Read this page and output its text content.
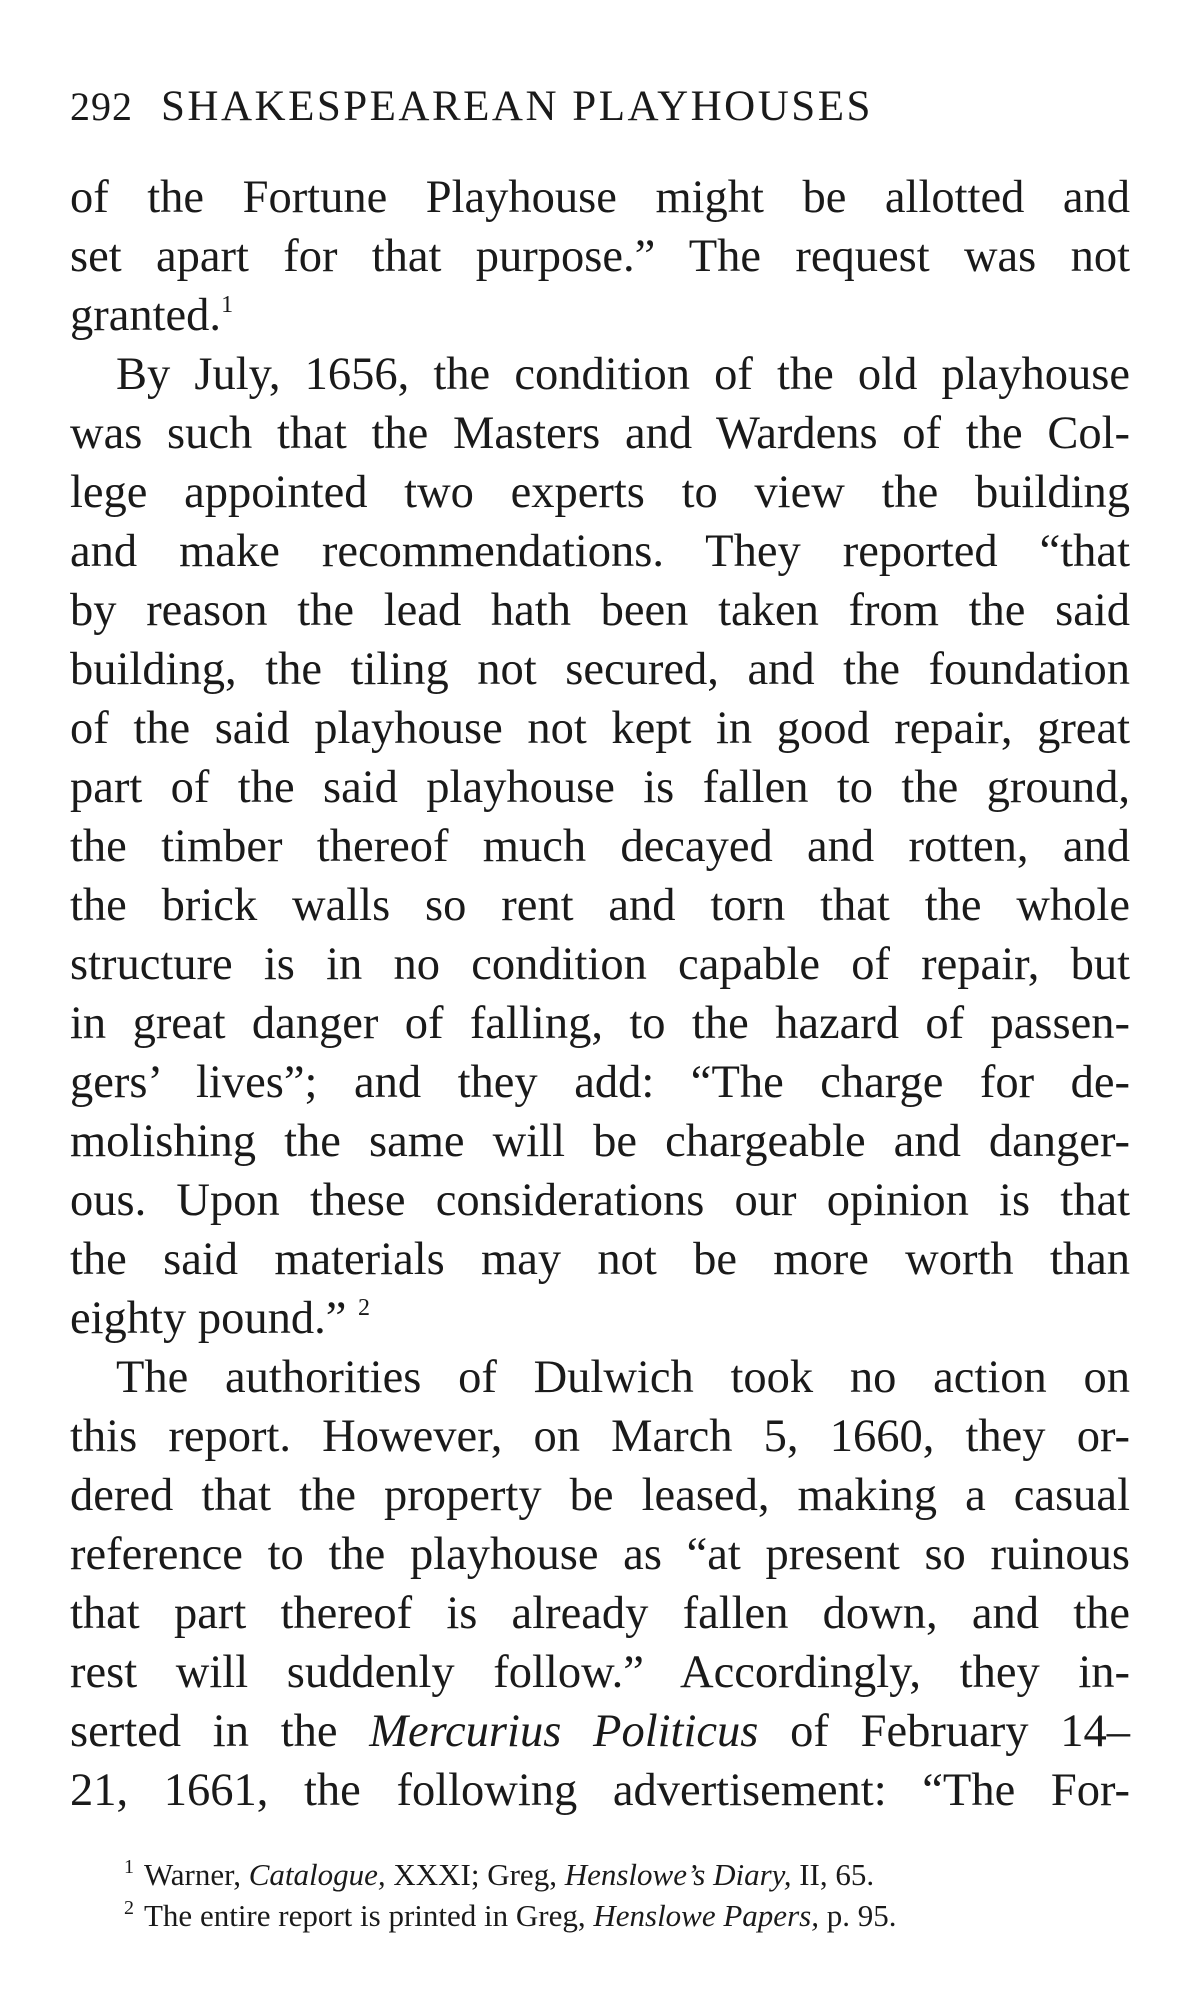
292 SHAKESPEAREAN PLAYHOUSES
of the Fortune Playhouse might be allotted and
set apart for that purpose.” The request was not
granted.$^1$
By July, 1656, the condition of the old playhouse
was such that the Masters and Wardens of the Col-
lege appointed two experts to view the building
and make recommendations. They reported “that
by reason the lead hath been taken from the said
building, the tiling not secured, and the foundation
of the said playhouse not kept in good repair, great
part of the said playhouse is fallen to the ground,
the timber thereof much decayed and rotten, and
the brick walls so rent and torn that the whole
structure is in no condition capable of repair, but
in great danger of falling, to the hazard of passen-
gers’ lives”; and they add: “The charge for de-
molishing the same will be chargeable and danger-
ous. Upon these considerations our opinion is that
the said materials may not be more worth than
eighty pound.” $^2$
The authorities of Dulwich took no action on
this report. However, on March 5, 1660, they or-
dered that the property be leased, making a casual
reference to the playhouse as “at present so ruinous
that part thereof is already fallen down, and the
rest will suddenly follow.” Accordingly, they in-
serted in the Mercurius Politicus of February 14–
21, 1661, the following advertisement: “The For-
$^1$ Warner, Catalogue, XXXI; Greg, Henslowe’s Diary, II, 65.
$^2$ The entire report is printed in Greg, Henslowe Papers, p. 95.
